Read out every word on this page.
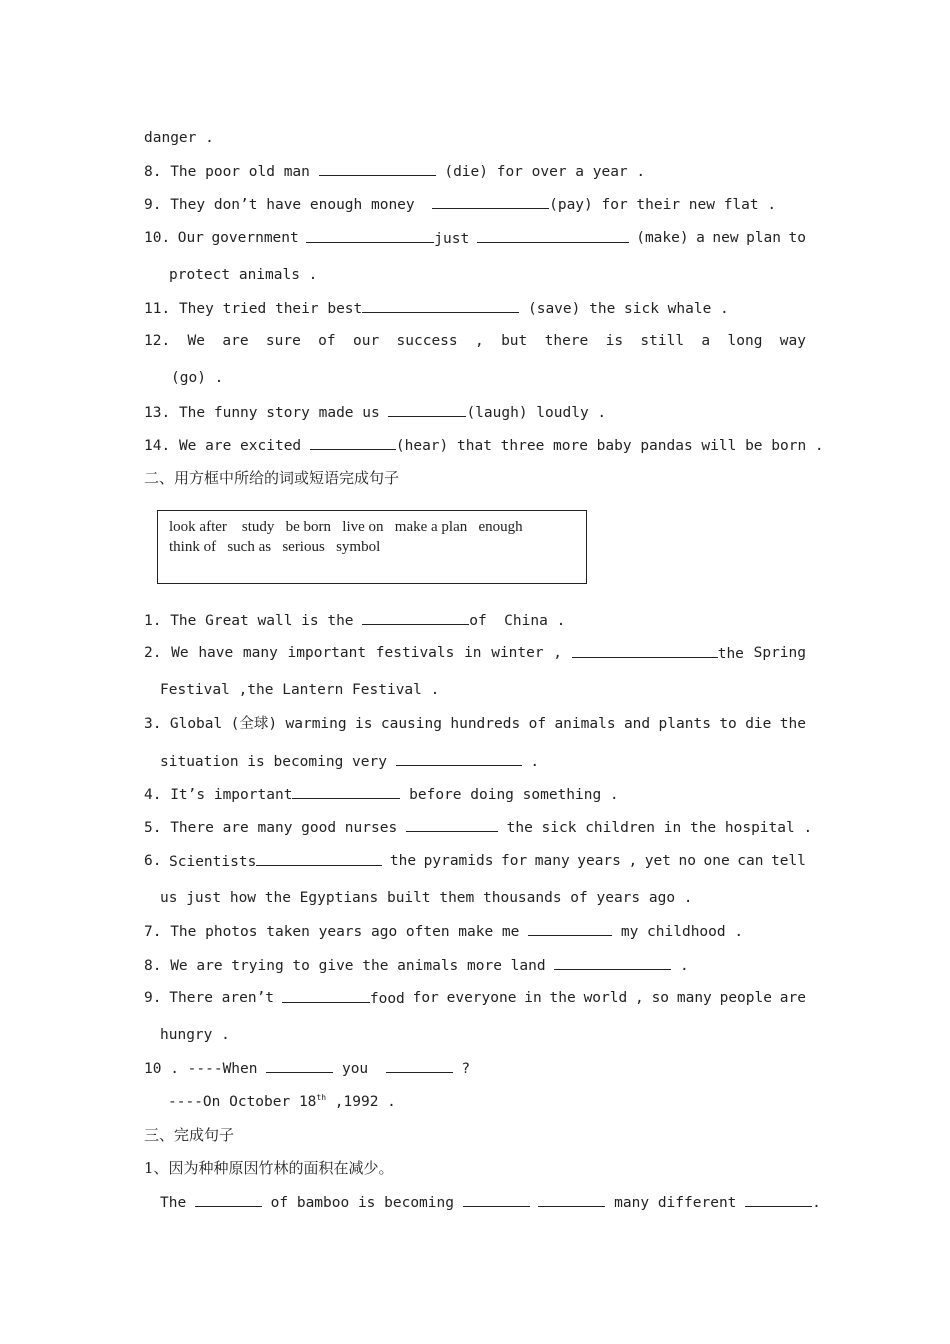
danger .
8. The poor old man	(die) for over a year .
9. They don’t have enough money	(pay) for their new flat .
10. Our government	just	(make) a new plan to
protect animals .
11. They tried their best	(save) the sick whale .
12. We are sure of our success , but there is still a long way
(go) .
13. The funny story made us	(laugh) loudly .
14. We are excited	(hear) that three more baby pandas will be born .
二、用方框中所给的词或短语完成句子
look after    study   be born   live on   make a plan   enough
think of   such as   serious   symbol
1. The Great wall is the	of  China .
2. We have many important festivals in winter ,	the Spring
Festival ,the Lantern Festival .
3. Global (全球) warming is causing hundreds of animals and plants to die the
situation is becoming very	.
4. It’s important	before doing something .
5. There are many good nurses	the sick children in the hospital .
6. Scientists	the pyramids for many years , yet no one can tell
us just how the Egyptians built them thousands of years ago .
7. The photos taken years ago often make me	my childhood .
8. We are trying to give the animals more land	.
9. There aren’t	food for everyone in the world , so many people are
hungry .
10 . ----When	you	?
----On October 18th ,1992 .
三、完成句子
1、因为种种原因竹林的面积在减少。
The	of bamboo is becoming	many different	.
